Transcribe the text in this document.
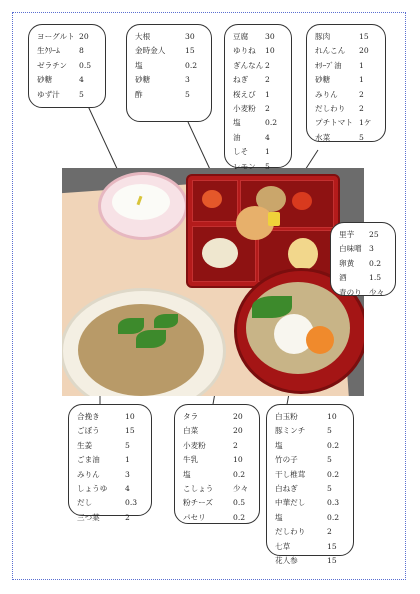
ヨーグルト 20
生ｸﾘｰﾑ	8
ゼラチン 0.5
砂糖	4
ゆず汁	5
大根	30
金時金人	15
塩	0.2
砂糖	3
酢	5
豆腐 30
ゆりね 10
ぎんなん 2
ねぎ 2
桜えび 1
小麦粉 2
塩	0.2
油	4
しそ 1
レモン 5
豚肉	15
れんこん 20
ｵﾘｰﾌﾞ油 1
砂糖	1
みりん	2
だしわり 2
プチトマト 1ケ
水菜	5
里芋 25
白味噌 3
卵黄 0.2
酒	1.5
青のり 少々
合挽き	10
ごぼう	15
生姜	5
ごま油	1
みりん	3
しょうゆ 4
だし	0.3
三つ葉	2
タラ	20
白菜	20
小麦粉	2
牛乳	10
塩	0.2
こしょう	少々
粉チーズ	0.5
パセリ	0.2
白玉粉	10
豚ミンチ	5
塩	0.2
竹の子	5
干し椎茸	0.2
白ねぎ	5
中華だし	0.3
塩	0.2
だしわり	2
七草	15
花人参	15
